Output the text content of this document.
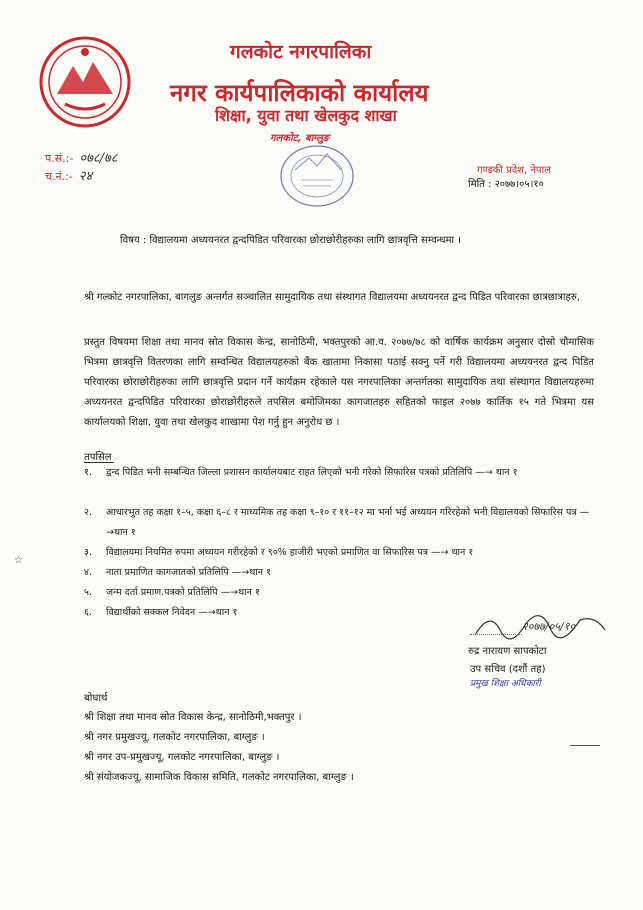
गलकोट नगरपालिका
नगर कार्यपालिकाको कार्यालय
शिक्षा, युवा तथा खेलकुद शाखा
गलकोट, बाग्लुङ
प.सं.:- ०७८/७८
च.नं.:- २४	गण्डकी प्रदेश, नेपाल
मिति : २०७७।०५।१०
विषय : विद्यालयमा अध्ययनरत द्वन्दपिडित परिवारका छोराछोरीहरुका लागि छात्रवृत्ति सम्वन्धमा ।
श्री गल्कोट नगरपालिका, बागलुङ अन्तर्गत सञ्चालित सामुदायिक तथा संस्थागत विद्यालयमा अध्ययनरत द्वन्द पिडित परिवारका छात्रछात्राहरु,
प्रस्तुत विषयमा शिक्षा तथा मानव स्रोत विकास केन्द्र, सानोठिमी, भक्तपुरको आ.व. २०७७/७८ को वार्षिक कार्यक्रम अनुसार दोस्रो चौमासिक भित्रमा छात्रवृत्ति वितरणका लागि सम्वन्धित विद्यालयहरुको बैंक खातामा निकासा पठाई सक्नु पर्ने गरी विद्यालयमा अध्ययनरत द्वन्द पिडित परिवारका छोराछोरीहरुका लागि छात्रवृत्ति प्रदान गर्ने कार्यक्रम रहेकाले यस नगरपालिका अन्तर्गतका सामुदायिक तथा संस्थागत विद्यालयहरुमा अध्ययनरत द्वन्दपिडित परिवारका छोराछोरीहरुले तपसिल बमोजिमका कागजातहरु सहितको फाइल २०७७ कार्तिक १५ गते भित्रमा यस कार्यालयको शिक्षा, युवा तथा खेलकुद शाखामा पेश गर्नु हुन अनुरोध छ ।
तपसिल
१. द्वन्द पिडित भनी सम्बन्धित जिल्ला प्रशासन कार्यालयबाट राहत लिएको भनी गरेको सिफारिस पत्रको प्रतिलिपि —→ थान १
२. आधारभुत तह कक्षा १–५, कक्षा ६–८ र माध्यमिक तह कक्षा ९–१० र ११–१२ मा भर्ना भई अध्ययन गरिरहेको भनी विद्यालयको सिफारिस पत्र —→थान १
३. विद्यालयमा नियमित रुपमा अध्ययन गरीरहेको र ९०% हाजीरी भएको प्रमाणित वा सिफारिस पत्र —→ थान १
४. नाता प्रमाणित कागजातको प्रतिलिपि —→थान १
५. जन्म दर्ता प्रमाण.पत्रको प्रतिलिपि —→थान १
६. विद्यार्थीको सक्कल निवेदन —→थान १
२०७७/०५/१०
रुद्र नारायण सापकोटा
उप सचिव (दशौं तह)
प्रमुख शिक्षा अधिकारी
बोधार्थ
श्री शिक्षा तथा मानव स्रोत विकास केन्द्र, सानोठिमी,भक्तपुर ।
श्री नगर प्रमुखज्यू, गलकोट नगरपालिका, बाग्लुङ ।
श्री नगर उप-प्रमुखज्यू, गलकोट नगरपालिका, बाग्लुङ ।
श्री संयोजकज्यू, सामाजिक विकास समिति, गलकोट नगरपालिका, बाग्लुङ ।
☆
